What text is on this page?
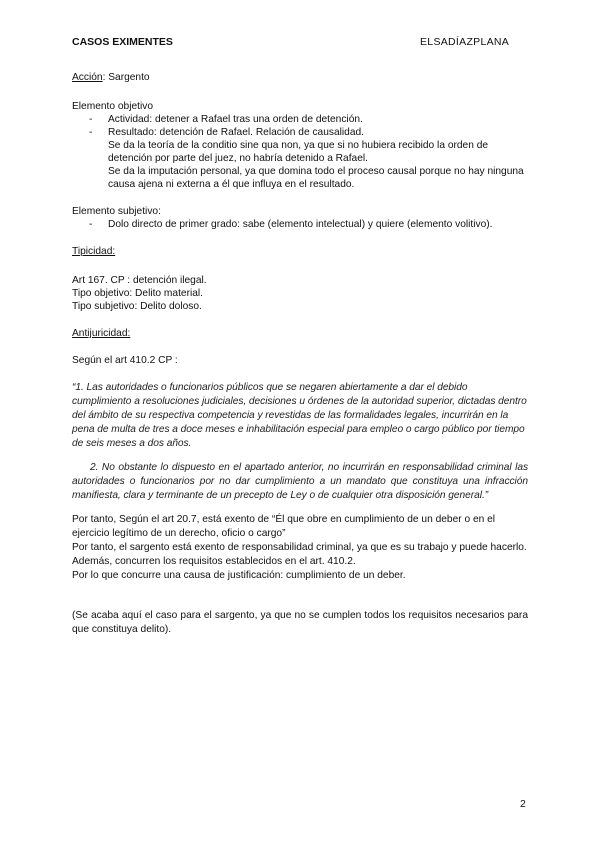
CASOS EXIMENTES	ELSADÍAZPLANA

Acción: Sargento

Elemento objetivo

- Actividad: detener a Rafael tras una orden de detención.
- Resultado: detención de Rafael. Relación de causalidad.

Se da la teoría de la conditio sine qua non, ya que si no hubiera recibido la orden de detención por parte del juez, no habría detenido a Rafael.

Se da la imputación personal, ya que domina todo el proceso causal porque no hay ninguna causa ajena ni externa a él que influya en el resultado.

Elemento subjetivo:

- Dolo directo de primer grado: sabe (elemento intelectual) y quiere (elemento volitivo).

Tipicidad:

Art 167. CP : detención ilegal.

Tipo objetivo: Delito material.

Tipo subjetivo: Delito doloso.

Antijuricidad:

Según el art 410.2 CP :

“1. Las autoridades o funcionarios públicos que se negaren abiertamente a dar el debido cumplimiento a resoluciones judiciales, decisiones u órdenes de la autoridad superior, dictadas dentro del ámbito de su respectiva competencia y revestidas de las formalidades legales, incurrirán en la pena de multa de tres a doce meses e inhabilitación especial para empleo o cargo público por tiempo de seis meses a dos años.

2. No obstante lo dispuesto en el apartado anterior, no incurrirán en responsabilidad criminal las autoridades o funcionarios por no dar cumplimiento a un mandato que constituya una infracción manifiesta, clara y terminante de un precepto de Ley o de cualquier otra disposición general.”

Por tanto, Según el art 20.7, está exento de “Él que obre en cumplimiento de un deber o en el ejercicio legítimo de un derecho, oficio o cargo”

Por tanto, el sargento está exento de responsabilidad criminal, ya que es su trabajo y puede hacerlo. Además, concurren los requisitos establecidos en el art. 410.2.

Por lo que concurre una causa de justificación: cumplimiento de un deber.

(Se acaba aquí el caso para el sargento, ya que no se cumplen todos los requisitos necesarios para que constituya delito).

2
